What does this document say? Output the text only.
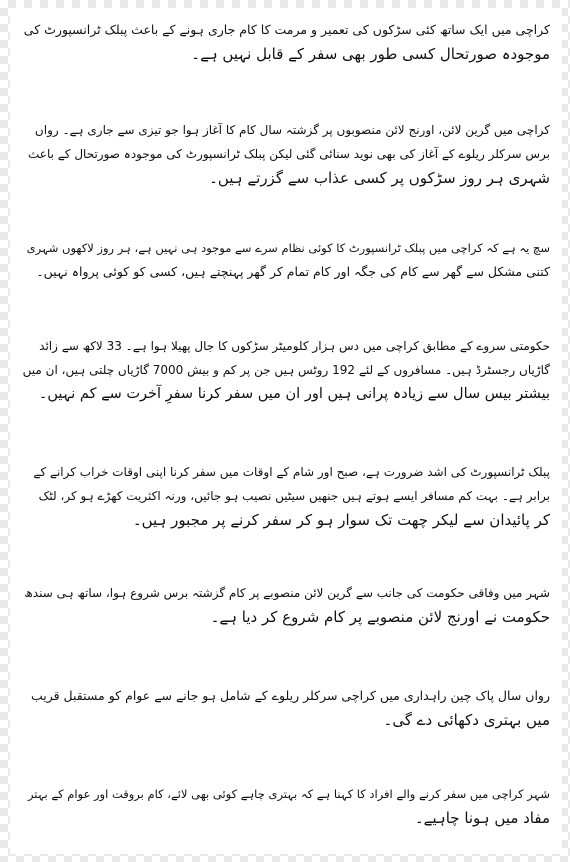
کراچی میں ایک ساتھ کئی سڑکوں کی تعمیر و مرمت کا کام جاری ہونے کے باعث پبلک ٹرانسپورٹ کی
موجودہ صورتحال کسی طور بھی سفر کے قابل نہیں ہے۔
کراچی میں گرین لائن، اورنج لائن منصوبوں پر گزشتہ سال کام کا آغاز ہوا جو تیزی سے جاری ہے۔ رواں
برس سرکلر ریلوے کے آغاز کی بھی نوید سنائی گئی لیکن پبلک ٹرانسپورٹ کی موجودہ صورتحال کے باعث
شہری ہر روز سڑکوں پر کسی عذاب سے گزرتے ہیں۔
سچ یہ ہے کہ کراچی میں پبلک ٹرانسپورٹ کا کوئی نظام سرے سے موجود ہی نہیں ہے، ہر روز لاکھوں شہری
کتنی مشکل سے گھر سے کام کی جگہ اور کام تمام کر گھر پہنچتے ہیں، کسی کو کوئی پرواہ نہیں۔
حکومتی سروے کے مطابق کراچی میں دس ہزار کلومیٹر سڑکوں کا جال پھیلا ہوا ہے۔ 33 لاکھ سے زائد
گاڑیاں رجسٹرڈ ہیں۔ مسافروں کے لئے 192 روٹس ہیں جن پر کم و بیش 7000 گاڑیاں چلتی ہیں، ان میں
بیشتر بیس سال سے زیادہ پرانی ہیں اور ان میں سفر کرنا سفرِ آخرت سے کم نہیں۔
پبلک ٹرانسپورٹ کی اشد ضرورت ہے، صبح اور شام کے اوقات میں سفر کرنا اپنی اوقات خراب کرانے کے
برابر ہے۔ بہت کم مسافر ایسے ہوتے ہیں جنھیں سیٹیں نصیب ہو جائیں، ورنہ اکثریت کھڑے ہو کر، لٹک
کر پائیدان سے لیکر چھت تک سوار ہو کر سفر کرنے پر مجبور ہیں۔
شہر میں وفاقی حکومت کی جانب سے گرین لائن منصوبے پر کام گزشتہ برس شروع ہوا، ساتھ ہی سندھ
حکومت نے اورنج لائن منصوبے پر کام شروع کر دیا ہے۔
رواں سال پاک چین راہداری میں کراچی سرکلر ریلوے کے شامل ہو جانے سے عوام کو مستقبل قریب
میں بہتری دکھائی دے گی۔
شہر کراچی میں سفر کرنے والے افراد کا کہنا ہے کہ بہتری چاہے کوئی بھی لائے، کام بروقت اور عوام کے بہتر
مفاد میں ہونا چاہیے۔
